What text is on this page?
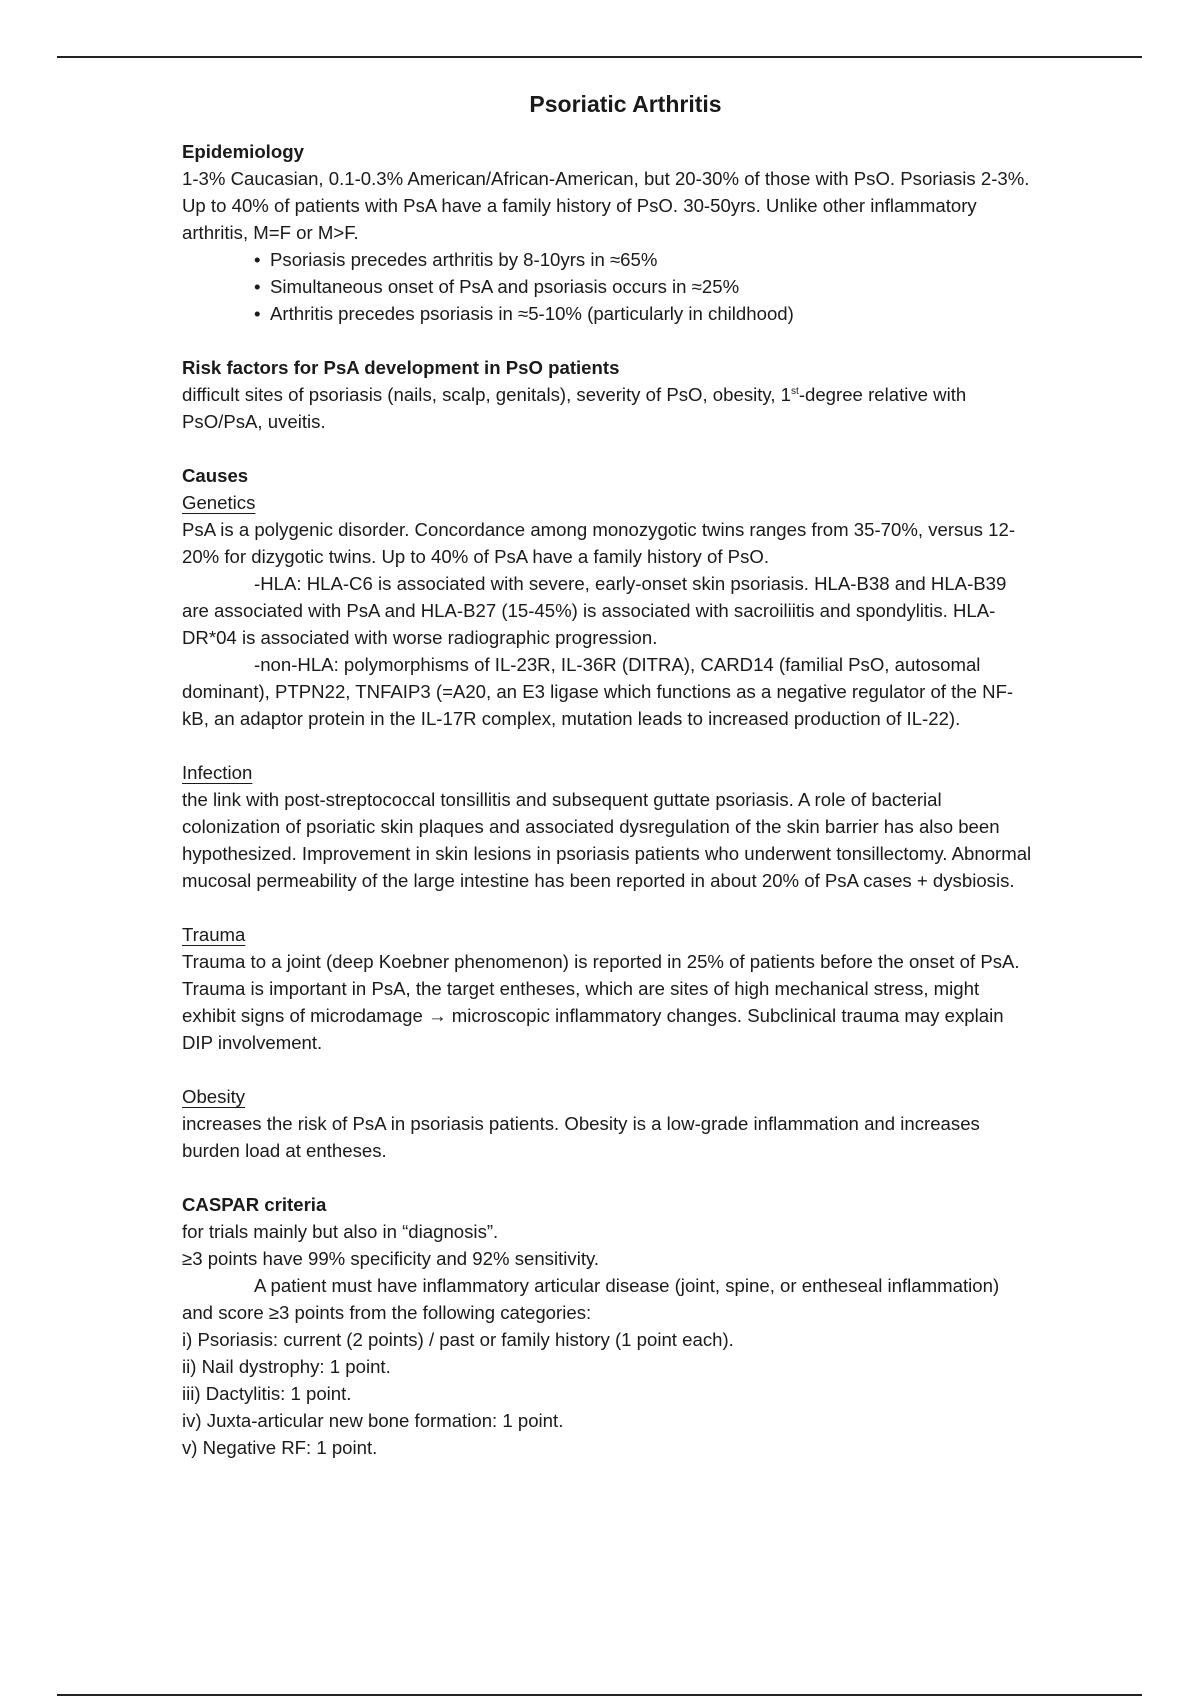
Psoriatic Arthritis

Epidemiology

1-3% Caucasian, 0.1-0.3% American/African-American, but 20-30% of those with PsO. Psoriasis 2-3%. Up to 40% of patients with PsA have a family history of PsO. 30-50yrs. Unlike other inflammatory arthritis, M=F or M>F.

• Psoriasis precedes arthritis by 8-10yrs in ≈65%
• Simultaneous onset of PsA and psoriasis occurs in ≈25%
• Arthritis precedes psoriasis in ≈5-10% (particularly in childhood)

Risk factors for PsA development in PsO patients

difficult sites of psoriasis (nails, scalp, genitals), severity of PsO, obesity, 1st-degree relative with PsO/PsA, uveitis.

Causes

Genetics

PsA is a polygenic disorder. Concordance among monozygotic twins ranges from 35-70%, versus 12-20% for dizygotic twins. Up to 40% of PsA have a family history of PsO.

-HLA: HLA-C6 is associated with severe, early-onset skin psoriasis. HLA-B38 and HLA-B39 are associated with PsA and HLA-B27 (15-45%) is associated with sacroiliitis and spondylitis. HLA-DR*04 is associated with worse radiographic progression.

-non-HLA: polymorphisms of IL-23R, IL-36R (DITRA), CARD14 (familial PsO, autosomal dominant), PTPN22, TNFAIP3 (=A20, an E3 ligase which functions as a negative regulator of the NF-kB, an adaptor protein in the IL-17R complex, mutation leads to increased production of IL-22).

Infection

the link with post-streptococcal tonsillitis and subsequent guttate psoriasis. A role of bacterial colonization of psoriatic skin plaques and associated dysregulation of the skin barrier has also been hypothesized. Improvement in skin lesions in psoriasis patients who underwent tonsillectomy. Abnormal mucosal permeability of the large intestine has been reported in about 20% of PsA cases + dysbiosis.

Trauma

Trauma to a joint (deep Koebner phenomenon) is reported in 25% of patients before the onset of PsA. Trauma is important in PsA, the target entheses, which are sites of high mechanical stress, might exhibit signs of microdamage → microscopic inflammatory changes. Subclinical trauma may explain DIP involvement.

Obesity

increases the risk of PsA in psoriasis patients. Obesity is a low-grade inflammation and increases burden load at entheses.

CASPAR criteria

for trials mainly but also in “diagnosis”.

≥3 points have 99% specificity and 92% sensitivity.

A patient must have inflammatory articular disease (joint, spine, or entheseal inflammation) and score ≥3 points from the following categories:

i) Psoriasis: current (2 points) / past or family history (1 point each).

ii) Nail dystrophy: 1 point.

iii) Dactylitis: 1 point.

iv) Juxta-articular new bone formation: 1 point.

v) Negative RF: 1 point.
